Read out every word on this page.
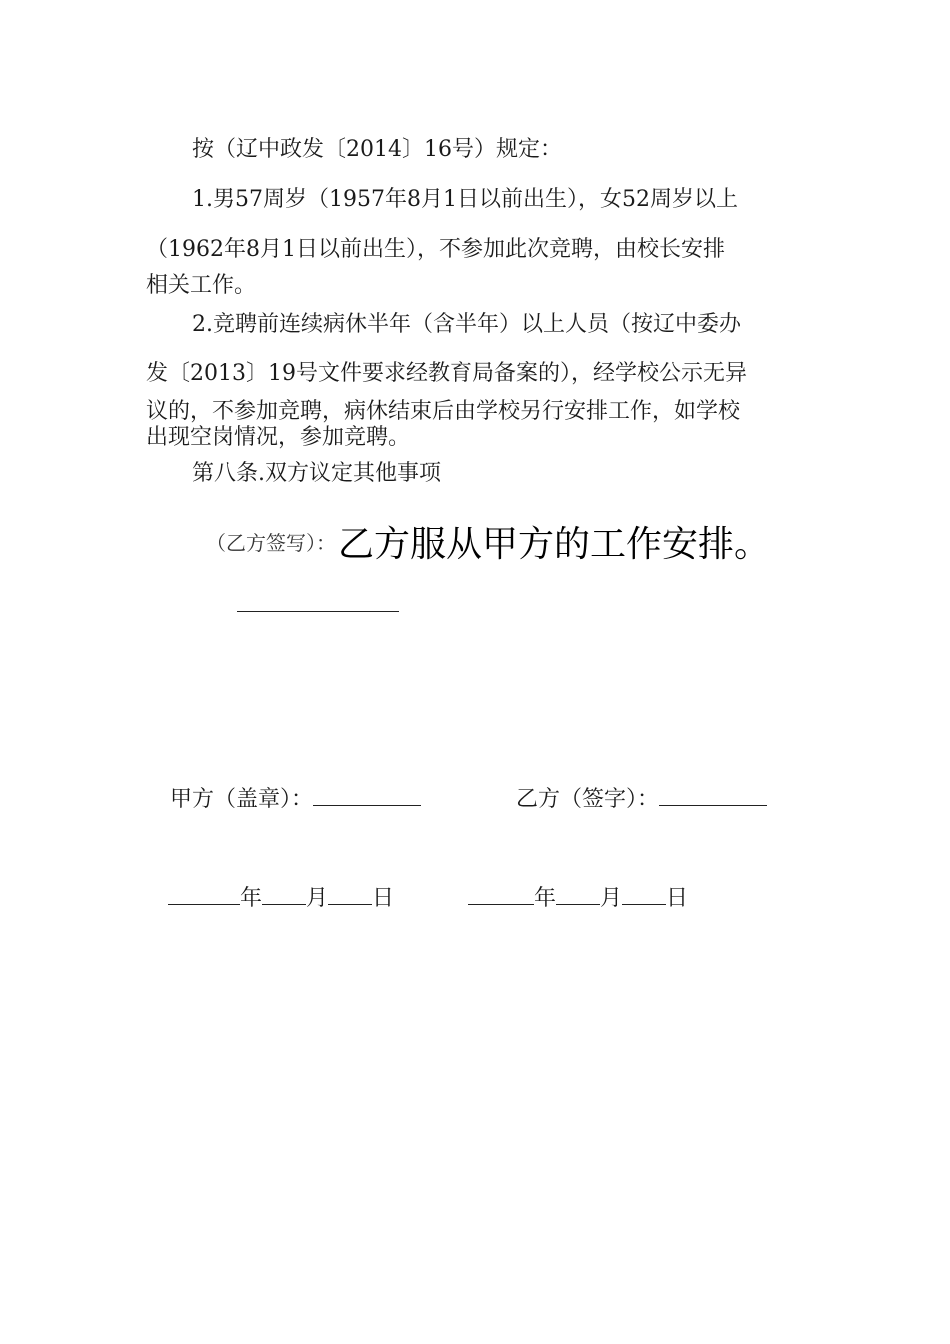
按（辽中政发〔2014〕16号）规定：
1.男57周岁（1957年8月1日以前出生），女52周岁以上
（1962年8月1日以前出生），不参加此次竞聘，由校长安排
相关工作。
2.竞聘前连续病休半年（含半年）以上人员（按辽中委办
发〔2013〕19号文件要求经教育局备案的），经学校公示无异
议的，不参加竞聘，病休结束后由学校另行安排工作，如学校
出现空岗情况，参加竞聘。
第八条.双方议定其他事项
（乙方签写）：乙方服从甲方的工作安排。
甲方（盖章）：	乙方（签字）：
年 月 日	年 月 日
